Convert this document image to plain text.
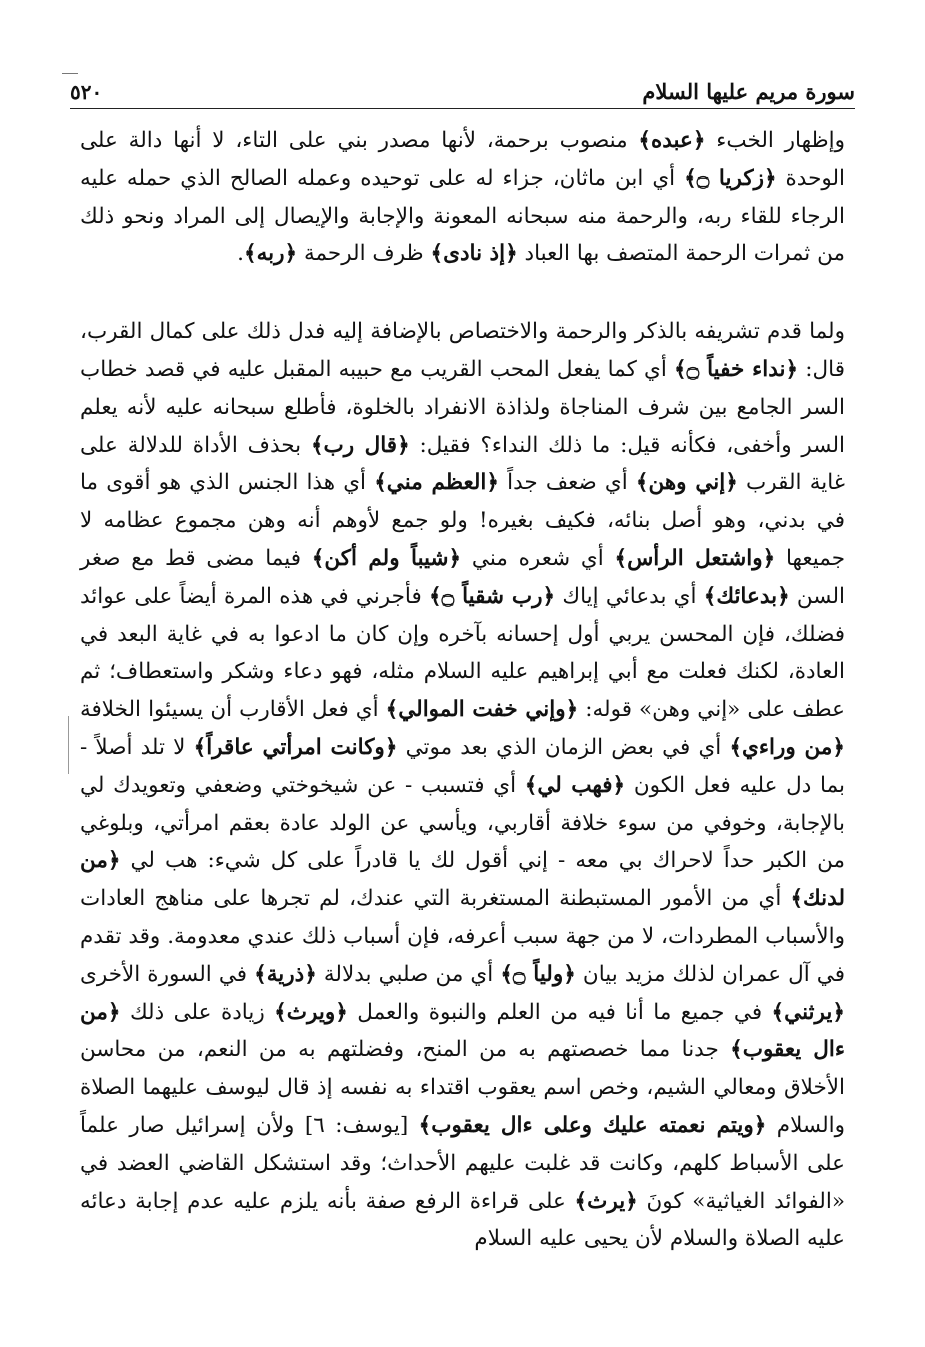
سورة مريم عليها السلام
٥٢٠

وإظهار الخبء ﴿عبده﴾ منصوب برحمة، لأنها مصدر بني على التاء، لا أنها دالة على الوحدة ﴿زكريا ۝﴾ أي ابن ماثان، جزاء له على توحيده وعمله الصالح الذي حمله عليه الرجاء للقاء ربه، والرحمة منه سبحانه المعونة والإجابة والإيصال إلى المراد ونحو ذلك من ثمرات الرحمة المتصف بها العباد ﴿إذ نادى﴾ ظرف الرحمة ﴿ربه﴾.

ولما قدم تشريفه بالذكر والرحمة والاختصاص بالإضافة إليه فدل ذلك على كمال القرب، قال: ﴿نداء خفياً ۝﴾ أي كما يفعل المحب القريب مع حبيبه المقبل عليه في قصد خطاب السر الجامع بين شرف المناجاة ولذاذة الانفراد بالخلوة، فأطلع سبحانه عليه لأنه يعلم السر وأخفى، فكأنه قيل: ما ذلك النداء؟ فقيل: ﴿قال رب﴾ بحذف الأداة للدلالة على غاية القرب ﴿إني وهن﴾ أي ضعف جداً ﴿العظم مني﴾ أي هذا الجنس الذي هو أقوى ما في بدني، وهو أصل بنائه، فكيف بغيره! ولو جمع لأوهم أنه وهن مجموع عظامه لا جميعها ﴿واشتعل الرأس﴾ أي شعره مني ﴿شيباً ولم أكن﴾ فيما مضى قط مع صغر السن ﴿بدعائك﴾ أي بدعائي إياك ﴿رب شقياً ۝﴾ فأجرني في هذه المرة أيضاً على عوائد فضلك، فإن المحسن يربي أول إحسانه بآخره وإن كان ما ادعوا به في غاية البعد في العادة، لكنك فعلت مع أبي إبراهيم عليه السلام مثله، فهو دعاء وشكر واستعطاف؛ ثم عطف على «إني وهن» قوله: ﴿وإني خفت الموالي﴾ أي فعل الأقارب أن يسيئوا الخلافة ﴿من وراءي﴾ أي في بعض الزمان الذي بعد موتي ﴿وكانت امرأتي عاقراً﴾ لا تلد أصلاً - بما دل عليه فعل الكون ﴿فهب لي﴾ أي فتسبب - عن شيخوختي وضعفي وتعويدك لي بالإجابة، وخوفي من سوء خلافة أقاربي، ويأسي عن الولد عادة بعقم امرأتي، وبلوغي من الكبر حداً لاحراك بي معه - إني أقول لك يا قادراً على كل شيء: هب لي ﴿من لدنك﴾ أي من الأمور المستبطنة المستغربة التي عندك، لم تجرها على مناهج العادات والأسباب المطردات، لا من جهة سبب أعرفه، فإن أسباب ذلك عندي معدومة. وقد تقدم في آل عمران لذلك مزيد بيان ﴿ولياً ۝﴾ أي من صلبي بدلالة ﴿ذرية﴾ في السورة الأخرى ﴿يرثني﴾ في جميع ما أنا فيه من العلم والنبوة والعمل ﴿ويرث﴾ زيادة على ذلك ﴿من ءال يعقوب﴾ جدنا مما خصصتهم به من المنح، وفضلتهم به من النعم، من محاسن الأخلاق ومعالي الشيم، وخص اسم يعقوب اقتداء به نفسه إذ قال ليوسف عليهما الصلاة والسلام ﴿ويتم نعمته عليك وعلى ءال يعقوب﴾ [يوسف: ٦] ولأن إسرائيل صار علماً على الأسباط كلهم، وكانت قد غلبت عليهم الأحداث؛ وقد استشكل القاضي العضد في «الفوائد الغياثية» كونَ ﴿يرث﴾ على قراءة الرفع صفة بأنه يلزم عليه عدم إجابة دعائه عليه الصلاة والسلام لأن يحيى عليه السلام
